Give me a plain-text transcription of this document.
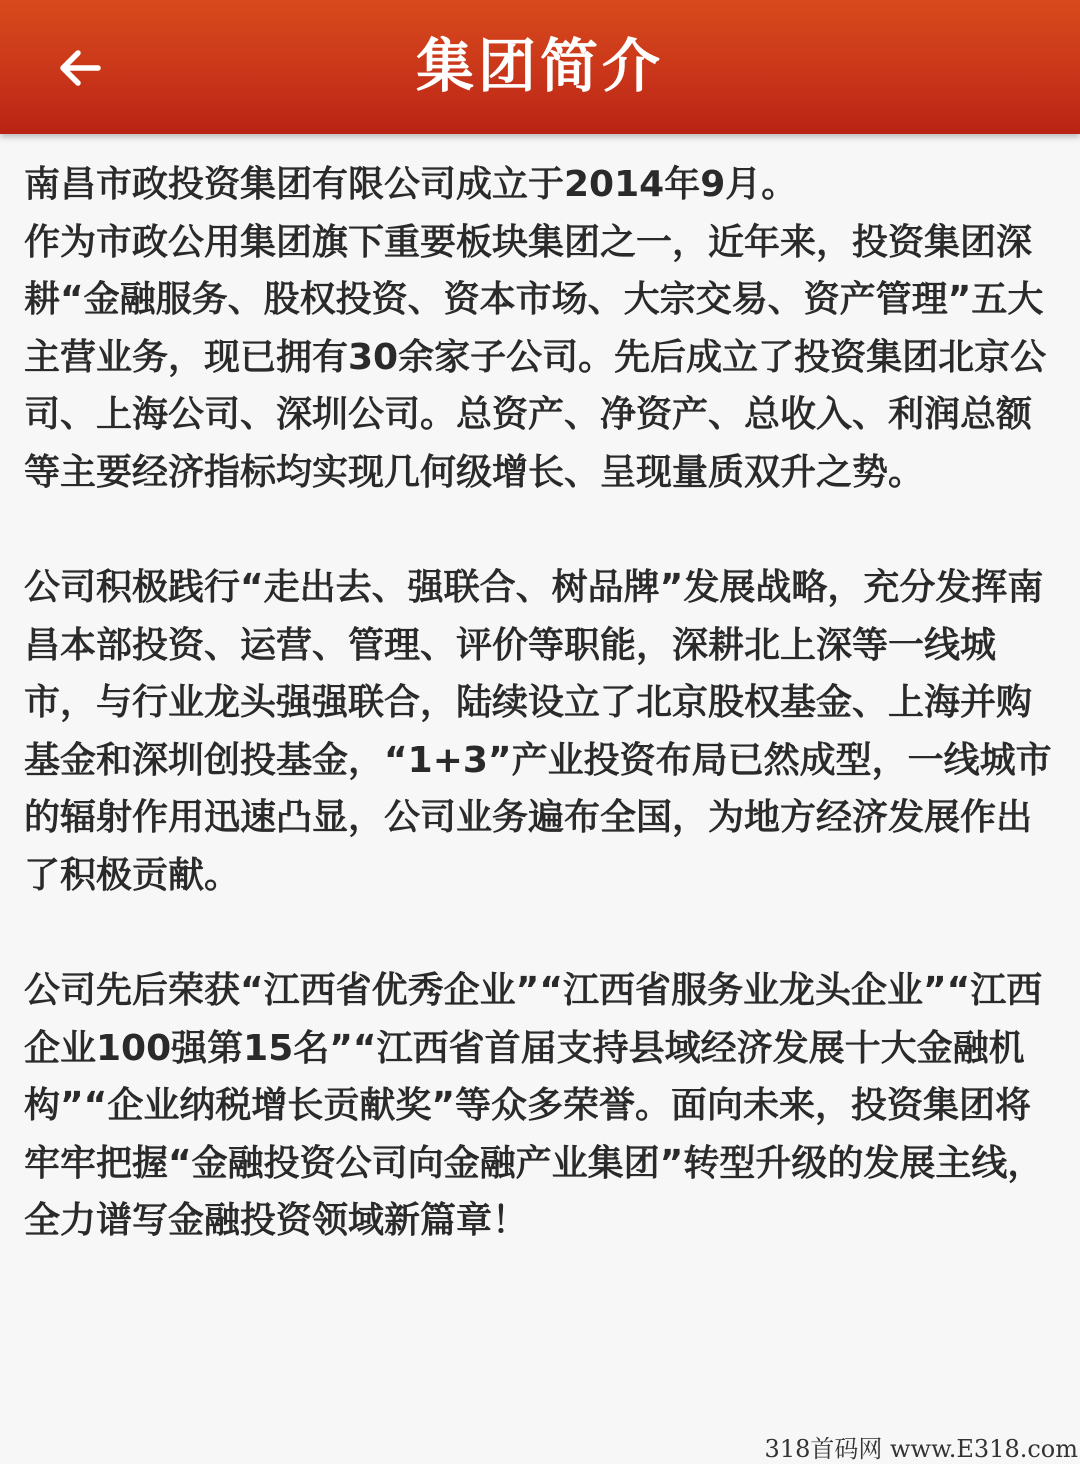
集团简介

南昌市政投资集团有限公司成立于2014年9月。

作为市政公用集团旗下重要板块集团之一，近年来，投资集团深耕“金融服务、股权投资、资本市场、大宗交易、资产管理”五大主营业务，现已拥有30余家子公司。先后成立了投资集团北京公司、上海公司、深圳公司。总资产、净资产、总收入、利润总额等主要经济指标均实现几何级增长、呈现量质双升之势。

公司积极践行“走出去、强联合、树品牌”发展战略，充分发挥南昌本部投资、运营、管理、评价等职能，深耕北上深等一线城市，与行业龙头强强联合，陆续设立了北京股权基金、上海并购基金和深圳创投基金，“1+3”产业投资布局已然成型，一线城市的辐射作用迅速凸显，公司业务遍布全国，为地方经济发展作出了积极贡献。

公司先后荣获“江西省优秀企业”“江西省服务业龙头企业”“江西企业100强第15名”“江西省首届支持县域经济发展十大金融机构”“企业纳税增长贡献奖”等众多荣誉。面向未来，投资集团将牢牢把握“金融投资公司向金融产业集团”转型升级的发展主线，全力谱写金融投资领域新篇章！

318首码网 www.E318.com
